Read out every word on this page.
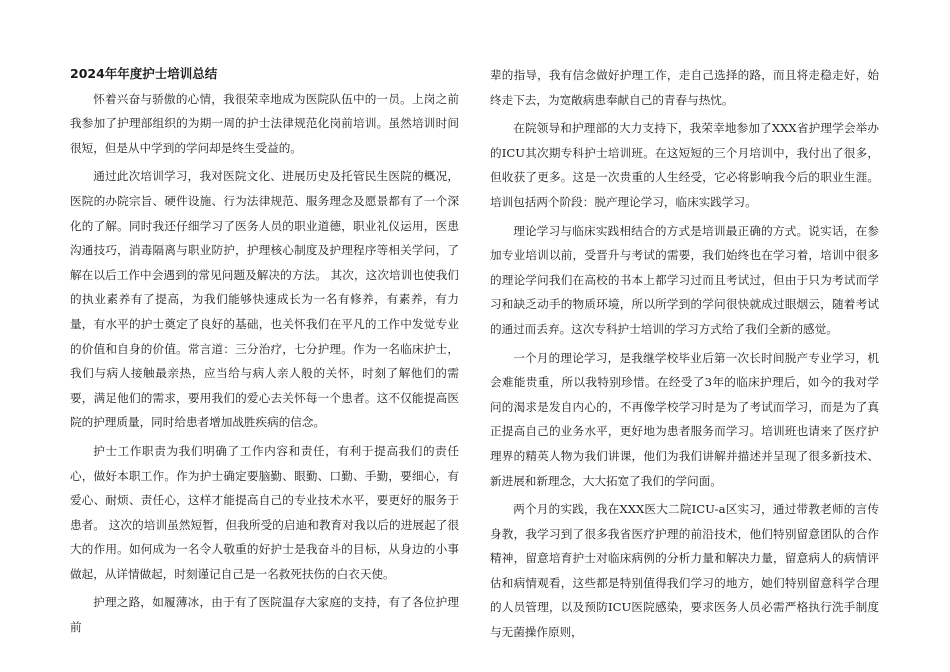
2024年年度护士培训总结

怀着兴奋与骄傲的心情，我很荣幸地成为医院队伍中的一员。上岗之前我参加了护理部组织的为期一周的护士法律规范化岗前培训。虽然培训时间很短，但是从中学到的学问却是终生受益的。

通过此次培训学习，我对医院文化、进展历史及托管民生医院的概况，医院的办院宗旨、硬件设施、行为法律规范、服务理念及愿景都有了一个深化的了解。同时我还仔细学习了医务人员的职业道德，职业礼仪运用，医患沟通技巧，消毒隔离与职业防护，护理核心制度及护理程序等相关学问，了解在以后工作中会遇到的常见问题及解决的方法。 其次，这次培训也使我们的执业素养有了提高，为我们能够快速成长为一名有修养，有素养，有力量，有水平的护士奠定了良好的基础，也关怀我们在平凡的工作中发觉专业的价值和自身的价值。常言道：三分治疗，七分护理。作为一名临床护士，我们与病人接触最亲热，应当给与病人亲人般的关怀，时刻了解他们的需要，满足他们的需求，要用我们的爱心去关怀每一个患者。这不仅能提高医院的护理质量，同时给患者增加战胜疾病的信念。

护士工作职责为我们明确了工作内容和责任，有利于提高我们的责任心，做好本职工作。作为护士确定要脑勤、眼勤、口勤、手勤，要细心，有爱心、耐烦、责任心，这样才能提高自己的专业技术水平，要更好的服务于患者。 这次的培训虽然短暂，但我所受的启迪和教育对我以后的进展起了很大的作用。如何成为一名令人敬重的好护士是我奋斗的目标，从身边的小事做起，从详情做起，时刻谨记自己是一名救死扶伤的白衣天使。

护理之路，如履薄冰，由于有了医院温存大家庭的支持，有了各位护理前

辈的指导，我有信念做好护理工作，走自己选择的路，而且将走稳走好，始终走下去，为宽敞病患奉献自己的青春与热忱。

在院领导和护理部的大力支持下，我荣幸地参加了XXX省护理学会举办的ICU其次期专科护士培训班。在这短短的三个月培训中，我付出了很多，但收获了更多。这是一次贵重的人生经受，它必将影响我今后的职业生涯。培训包括两个阶段：脱产理论学习，临床实践学习。

理论学习与临床实践相结合的方式是培训最正确的方式。说实话，在参加专业培训以前，受晋升与考试的需要，我们始终也在学习着，培训中很多的理论学问我们在高校的书本上都学习过而且考试过，但由于只为考试而学习和缺乏动手的物质环境，所以所学到的学问很快就成过眼烟云，随着考试的通过而丢弃。这次专科护士培训的学习方式给了我们全新的感觉。

一个月的理论学习，是我继学校毕业后第一次长时间脱产专业学习，机会难能贵重，所以我特别珍惜。在经受了3年的临床护理后，如今的我对学问的渴求是发自内心的，不再像学校学习时是为了考试而学习，而是为了真正提高自己的业务水平，更好地为患者服务而学习。培训班也请来了医疗护理界的精英人物为我们讲课，他们为我们讲解并描述并呈现了很多新技术、新进展和新理念，大大拓宽了我们的学问面。

两个月的实践，我在XXX医大二院ICU-a区实习，通过带教老师的言传身教，我学习到了很多我省医疗护理的前沿技术，他们特别留意团队的合作精神，留意培育护士对临床病例的分析力量和解决力量，留意病人的病情评估和病情观看，这些都是特别值得我们学习的地方，她们特别留意科学合理的人员管理，以及预防ICU医院感染，要求医务人员必需严格执行洗手制度与无菌操作原则，
